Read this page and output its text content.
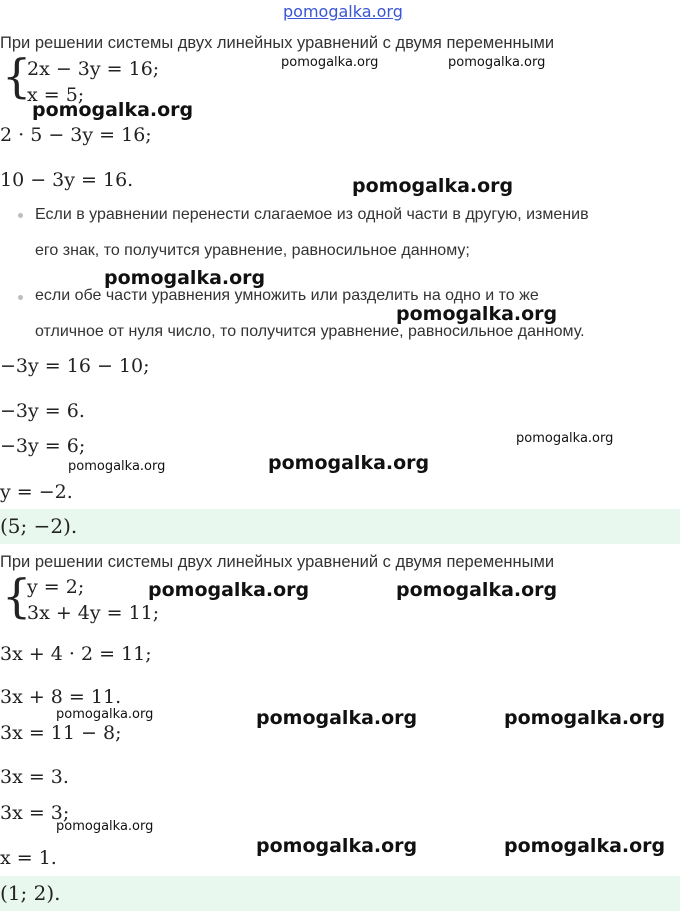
pomogalka.org
При решении системы двух линейных уравнений с двумя переменными
{
2x − 3y = 16;
x = 5;
2 · 5 − 3y = 16;
10 − 3y = 16.
Если в уравнении перенести слагаемое из одной части в другую, изменив
его знак, то получится уравнение, равносильное данному;
если обе части уравнения умножить или разделить на одно и то же
отличное от нуля число, то получится уравнение, равносильное данному.
−3y = 16 − 10;
−3y = 6.
−3y = 6;
y = −2.
(5; −2).
При решении системы двух линейных уравнений с двумя переменными
{
y = 2;
3x + 4y = 11;
3x + 4 · 2 = 11;
3x + 8 = 11.
3x = 11 − 8;
3x = 3.
3x = 3;
x = 1.
(1; 2).
pomogalka.org	pomogalka.org
pomogalka.org
pomogalka.org
pomogalka.org
pomogalka.org
pomogalka.org
pomogalka.org
pomogalka.org
pomogalka.org	pomogalka.org
pomogalka.org	pomogalka.org	pomogalka.org
pomogalka.org
pomogalka.org	pomogalka.org
